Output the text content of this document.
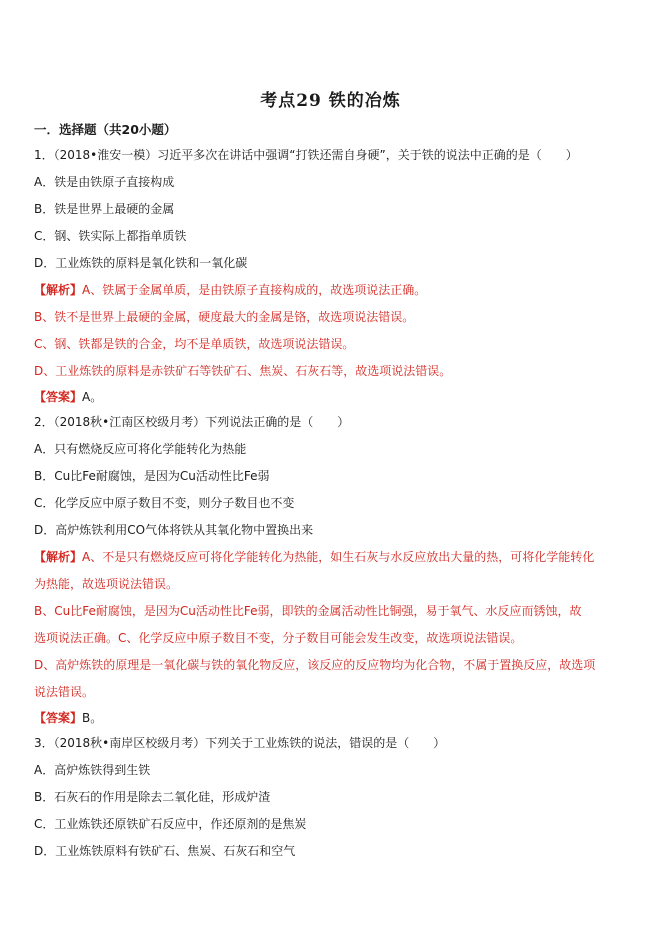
考点29 铁的冶炼
一．选择题（共20小题）
1．（2018•淮安一模）习近平多次在讲话中强调“打铁还需自身硬”，关于铁的说法中正确的是（　　）
A．铁是由铁原子直接构成
B．铁是世界上最硬的金属
C．钢、铁实际上都指单质铁
D．工业炼铁的原料是氧化铁和一氧化碳
【解析】A、铁属于金属单质，是由铁原子直接构成的，故选项说法正确。
B、铁不是世界上最硬的金属，硬度最大的金属是铬，故选项说法错误。
C、钢、铁都是铁的合金，均不是单质铁，故选项说法错误。
D、工业炼铁的原料是赤铁矿石等铁矿石、焦炭、石灰石等，故选项说法错误。
【答案】A。
2．（2018秋•江南区校级月考）下列说法正确的是（　　）
A．只有燃烧反应可将化学能转化为热能
B．Cu比Fe耐腐蚀，是因为Cu活动性比Fe弱
C．化学反应中原子数目不变，则分子数目也不变
D．高炉炼铁利用CO气体将铁从其氧化物中置换出来
【解析】A、不是只有燃烧反应可将化学能转化为热能，如生石灰与水反应放出大量的热，可将化学能转化
为热能，故选项说法错误。
B、Cu比Fe耐腐蚀，是因为Cu活动性比Fe弱，即铁的金属活动性比铜强，易于氧气、水反应而锈蚀，故
选项说法正确。C、化学反应中原子数目不变，分子数目可能会发生改变，故选项说法错误。
D、高炉炼铁的原理是一氧化碳与铁的氧化物反应，该反应的反应物均为化合物，不属于置换反应，故选项
说法错误。
【答案】B。
3．（2018秋•南岸区校级月考）下列关于工业炼铁的说法，错误的是（　　）
A．高炉炼铁得到生铁
B．石灰石的作用是除去二氧化硅，形成炉渣
C．工业炼铁还原铁矿石反应中，作还原剂的是焦炭
D．工业炼铁原料有铁矿石、焦炭、石灰石和空气
